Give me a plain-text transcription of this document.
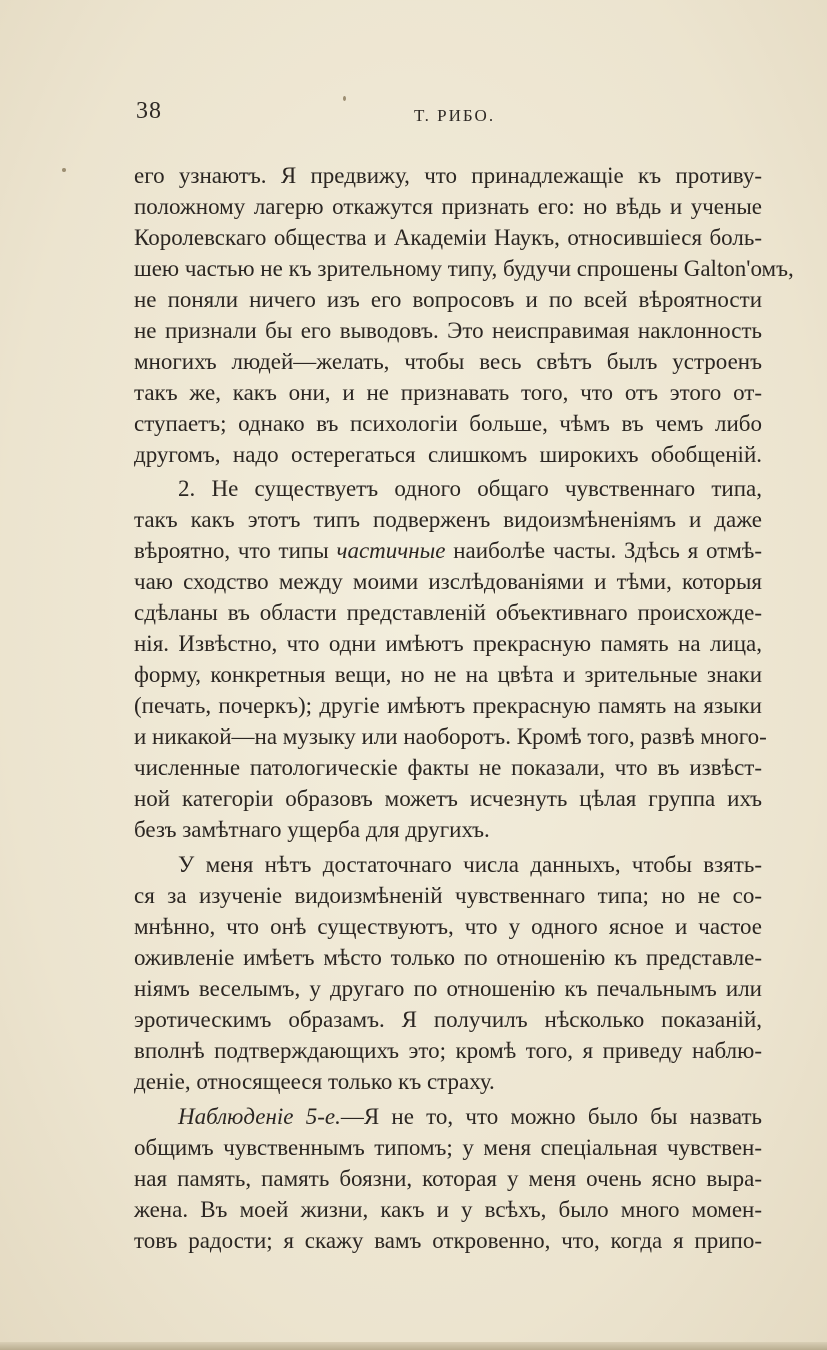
38	Т. РИБО.
его узнаютъ. Я предвижу, что принадлежащіе къ противу-
положному лагерю откажутся признать его: но вѣдь и ученые
Королевскаго общества и Академіи Наукъ, относившіеся боль-
шею частью не къ зрительному типу, будучи спрошены Galton'омъ,
не поняли ничего изъ его вопросовъ и по всей вѣроятности
не признали бы его выводовъ. Это неисправимая наклонность
многихъ людей—желать, чтобы весь свѣтъ былъ устроенъ
такъ же, какъ они, и не признавать того, что отъ этого от-
ступаетъ; однако въ психологіи больше, чѣмъ въ чемъ либо
другомъ, надо остерегаться слишкомъ широкихъ обобщеній.
2. Не существуетъ одного общаго чувственнаго типа,
такъ какъ этотъ типъ подверженъ видоизмѣненіямъ и даже
вѣроятно, что типы частичные наиболѣе часты. Здѣсь я отмѣ-
чаю сходство между моими изслѣдованіями и тѣми, которыя
сдѣланы въ области представленій объективнаго происхожде-
нія. Извѣстно, что одни имѣютъ прекрасную память на лица,
форму, конкретныя вещи, но не на цвѣта и зрительные знаки
(печать, почеркъ); другіе имѣютъ прекрасную память на языки
и никакой—на музыку или наоборотъ. Кромѣ того, развѣ много-
численные патологическіе факты не показали, что въ извѣст-
ной категоріи образовъ можетъ исчезнуть цѣлая группа ихъ
безъ замѣтнаго ущерба для другихъ.
У меня нѣтъ достаточнаго числа данныхъ, чтобы взять-
ся за изученіе видоизмѣненій чувственнаго типа; но не со-
мнѣнно, что онѣ существуютъ, что у одного ясное и частое
оживленіе имѣетъ мѣсто только по отношенію къ представле-
ніямъ веселымъ, у другаго по отношенію къ печальнымъ или
эротическимъ образамъ. Я получилъ нѣсколько показаній,
вполнѣ подтверждающихъ это; кромѣ того, я приведу наблю-
деніе, относящееся только къ страху.
Наблюденіе 5-е.—Я не то, что можно было бы назвать
общимъ чувственнымъ типомъ; у меня спеціальная чувствен-
ная память, память боязни, которая у меня очень ясно выра-
жена. Въ моей жизни, какъ и у всѣхъ, было много момен-
товъ радости; я скажу вамъ откровенно, что, когда я припо-
